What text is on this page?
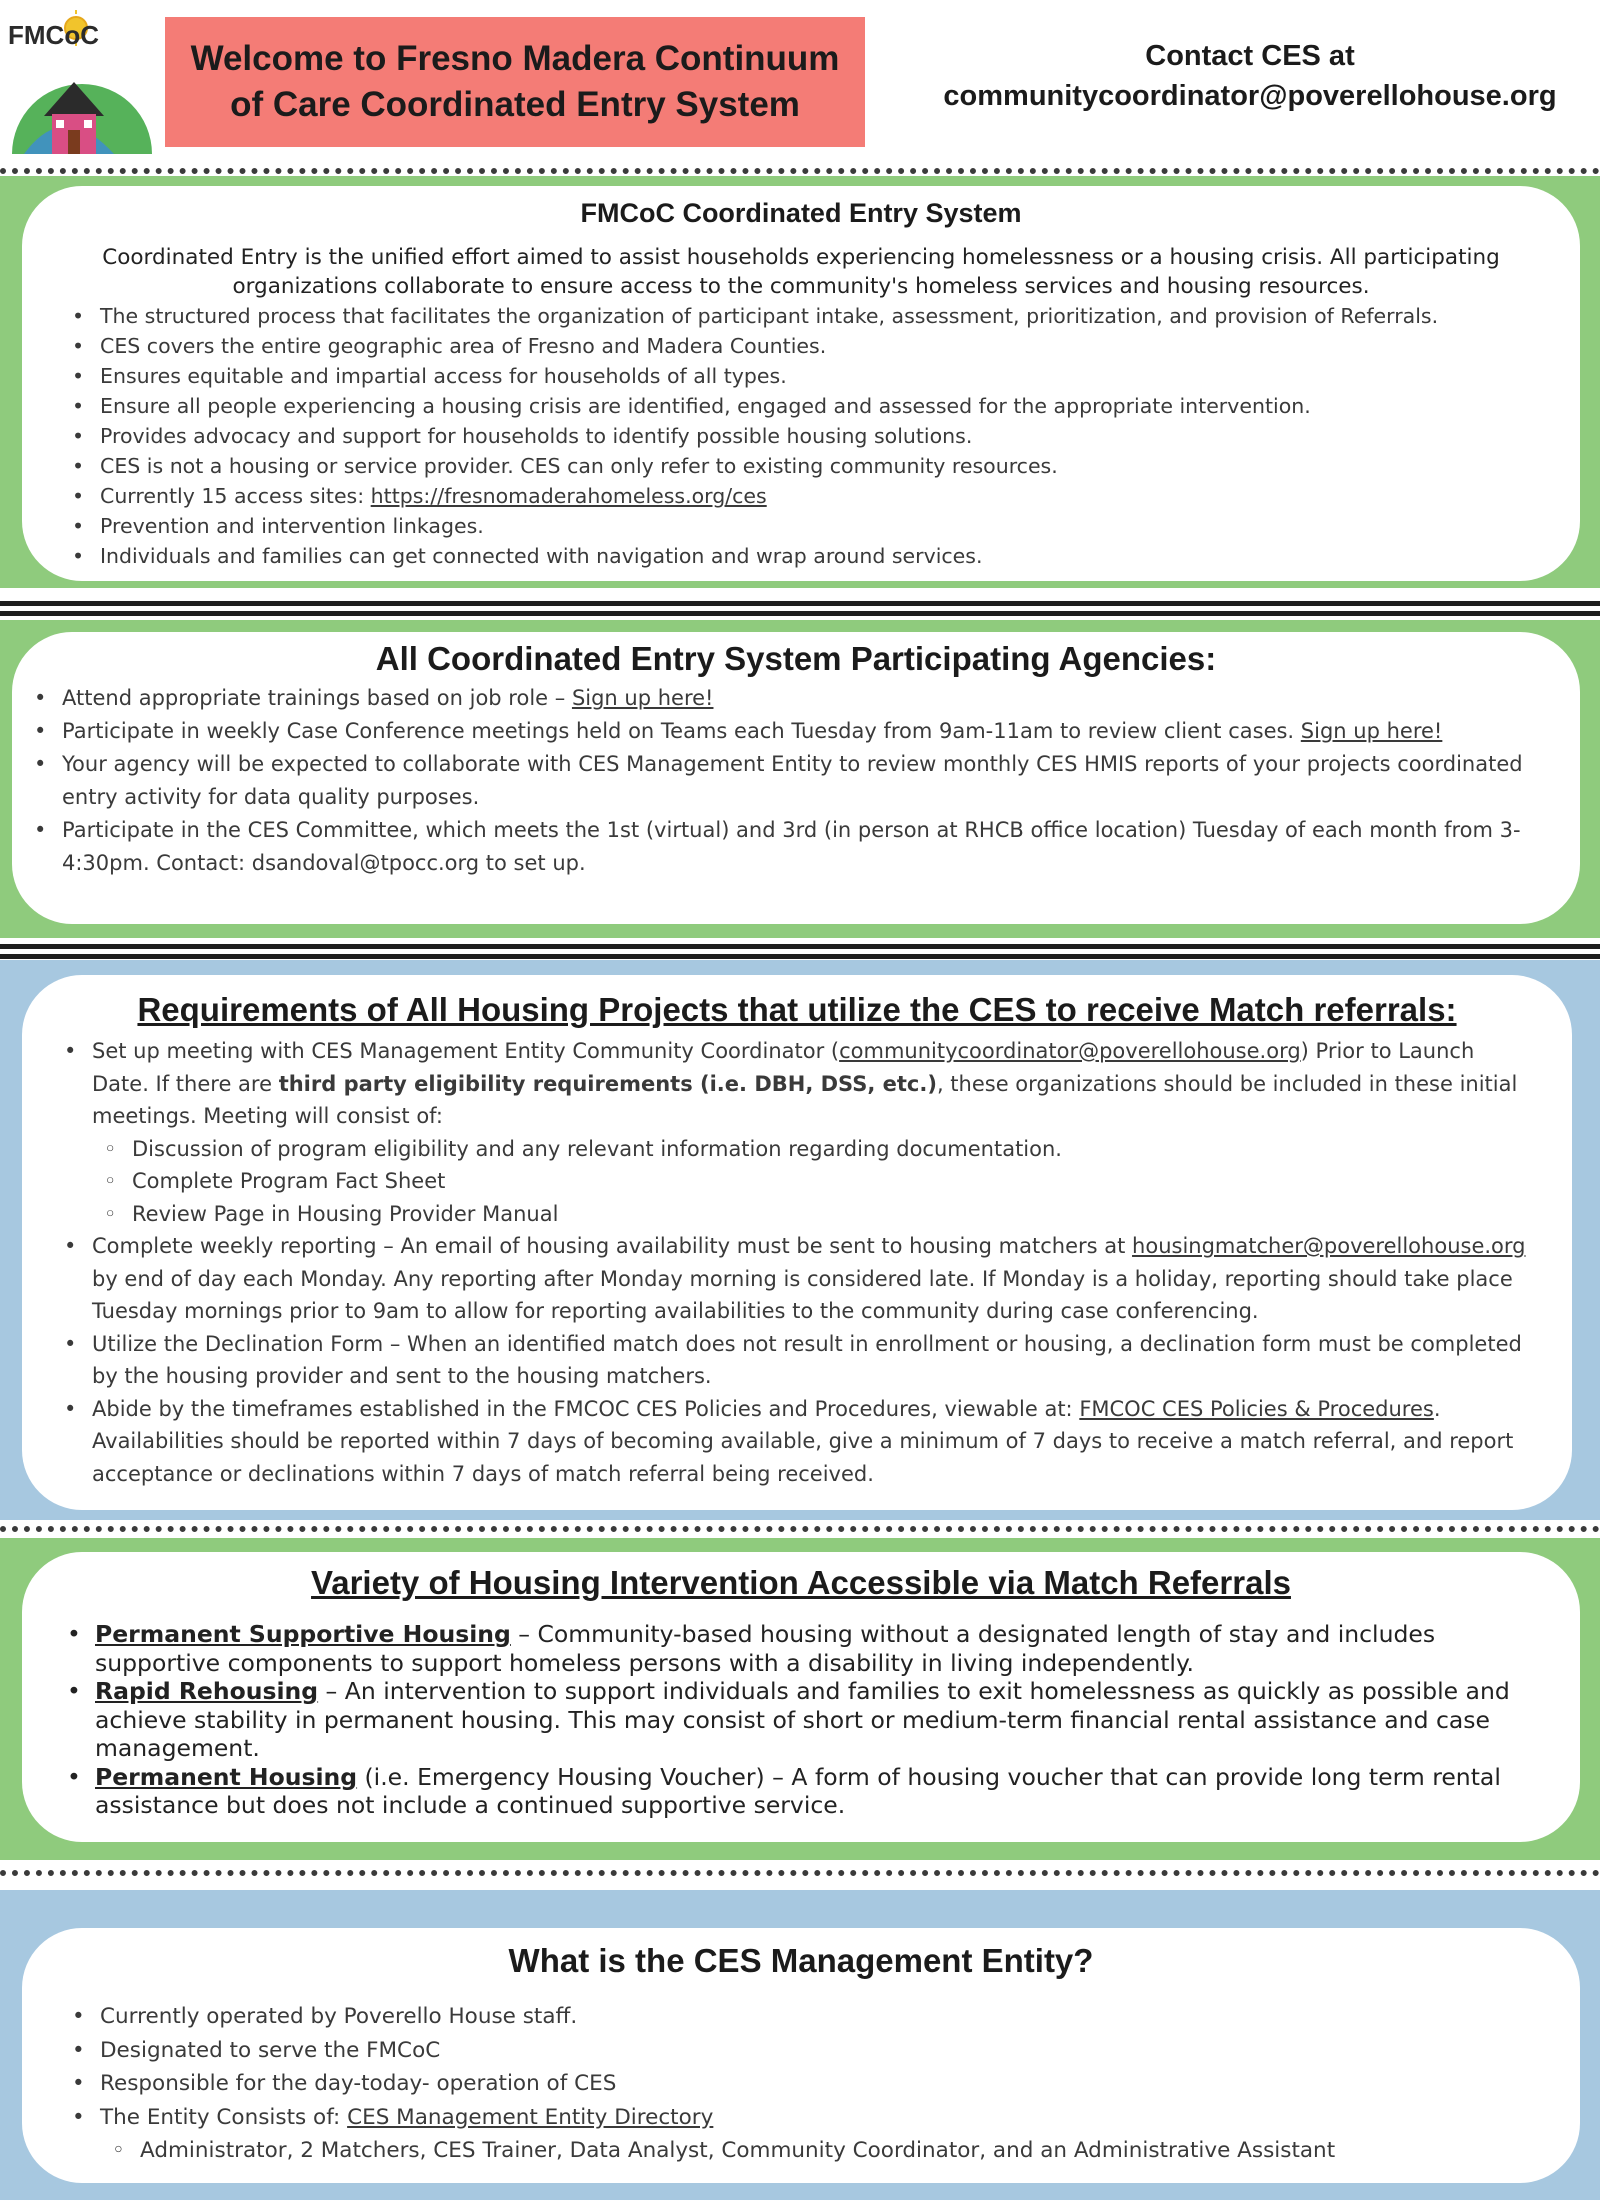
FMCoC
Welcome to Fresno Madera Continuum
of Care Coordinated Entry System
Contact CES at
communitycoordinator@poverellohouse.org
FMCoC Coordinated Entry System

Coordinated Entry is the unified effort aimed to assist households experiencing homelessness or a housing crisis. All participating organizations collaborate to ensure access to the community's homeless services and housing resources.

• The structured process that facilitates the organization of participant intake, assessment, prioritization, and provision of Referrals.
• CES covers the entire geographic area of Fresno and Madera Counties.
• Ensures equitable and impartial access for households of all types.
• Ensure all people experiencing a housing crisis are identified, engaged and assessed for the appropriate intervention.
• Provides advocacy and support for households to identify possible housing solutions.
• CES is not a housing or service provider. CES can only refer to existing community resources.
• Currently 15 access sites: https://fresnomaderahomeless.org/ces
• Prevention and intervention linkages.
• Individuals and families can get connected with navigation and wrap around services.
All Coordinated Entry System Participating Agencies:
• Attend appropriate trainings based on job role – Sign up here!
• Participate in weekly Case Conference meetings held on Teams each Tuesday from 9am-11am to review client cases. Sign up here!
• Your agency will be expected to collaborate with CES Management Entity to review monthly CES HMIS reports of your projects coordinated entry activity for data quality purposes.
• Participate in the CES Committee, which meets the 1st (virtual) and 3rd (in person at RHCB office location) Tuesday of each month from 3-4:30pm. Contact: dsandoval@tpocc.org to set up.
Requirements of All Housing Projects that utilize the CES to receive Match referrals:
• Set up meeting with CES Management Entity Community Coordinator (communitycoordinator@poverellohouse.org) Prior to Launch Date. If there are third party eligibility requirements (i.e. DBH, DSS, etc.), these organizations should be included in these initial meetings. Meeting will consist of:
◦ Discussion of program eligibility and any relevant information regarding documentation.
◦ Complete Program Fact Sheet
◦ Review Page in Housing Provider Manual
• Complete weekly reporting – An email of housing availability must be sent to housing matchers at housingmatcher@poverellohouse.org by end of day each Monday. Any reporting after Monday morning is considered late. If Monday is a holiday, reporting should take place Tuesday mornings prior to 9am to allow for reporting availabilities to the community during case conferencing.
• Utilize the Declination Form – When an identified match does not result in enrollment or housing, a declination form must be completed by the housing provider and sent to the housing matchers.
• Abide by the timeframes established in the FMCOC CES Policies and Procedures, viewable at: FMCOC CES Policies & Procedures. Availabilities should be reported within 7 days of becoming available, give a minimum of 7 days to receive a match referral, and report acceptance or declinations within 7 days of match referral being received.
Variety of Housing Intervention Accessible via Match Referrals
• Permanent Supportive Housing – Community-based housing without a designated length of stay and includes supportive components to support homeless persons with a disability in living independently.
• Rapid Rehousing – An intervention to support individuals and families to exit homelessness as quickly as possible and achieve stability in permanent housing. This may consist of short or medium-term financial rental assistance and case management.
• Permanent Housing (i.e. Emergency Housing Voucher) – A form of housing voucher that can provide long term rental assistance but does not include a continued supportive service.
What is the CES Management Entity?
• Currently operated by Poverello House staff.
• Designated to serve the FMCoC
• Responsible for the day-today- operation of CES
• The Entity Consists of: CES Management Entity Directory
◦ Administrator, 2 Matchers, CES Trainer, Data Analyst, Community Coordinator, and an Administrative Assistant
